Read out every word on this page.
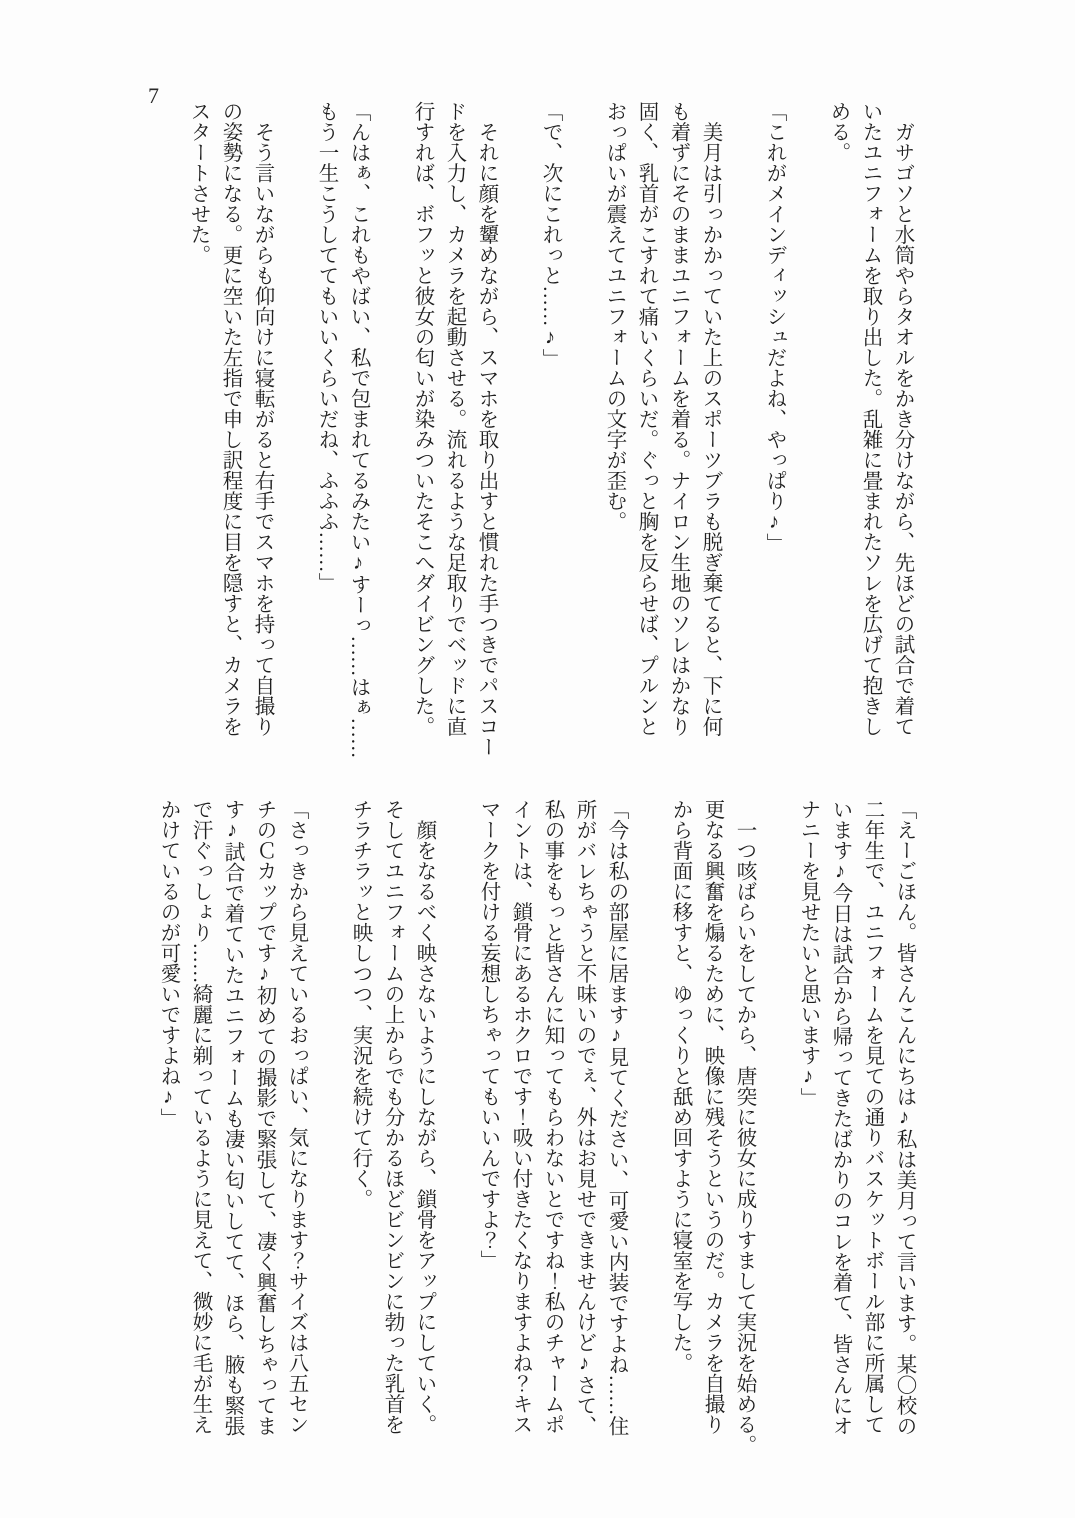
7
　ガサゴソと水筒やらタオルをかき分けながら、先ほどの試合で着て
いたユニフォームを取り出した。乱雑に畳まれたソレを広げて抱きし
める。

「これがメインディッシュだよね、やっぱり♪」

　美月は引っかかっていた上のスポーツブラも脱ぎ棄てると、下に何
も着ずにそのままユニフォームを着る。ナイロン生地のソレはかなり
固く、乳首がこすれて痛いくらいだ。ぐっと胸を反らせば、プルンと
おっぱいが震えてユニフォームの文字が歪む。

「で、次にこれっと……♪」

　それに顔を顰めながら、スマホを取り出すと慣れた手つきでパスコー
ドを入力し、カメラを起動させる。流れるような足取りでベッドに直
行すれば、ボフッと彼女の匂いが染みついたそこへダイビングした。

「んはぁ、これもやばい、私で包まれてるみたい♪すーっ……はぁ……
もう一生こうしててもいいくらいだね、ふふふ……」

　そう言いながらも仰向けに寝転がると右手でスマホを持って自撮り
の姿勢になる。更に空いた左指で申し訳程度に目を隠すと、カメラを
スタートさせた。
「えーごほん。皆さんこんにちは♪私は美月って言います。某〇校の
二年生で、ユニフォームを見ての通りバスケットボール部に所属して
います♪今日は試合から帰ってきたばかりのコレを着て、皆さんにオ
ナニーを見せたいと思います♪」

　一つ咳ばらいをしてから、唐突に彼女に成りすまして実況を始める。
更なる興奮を煽るために、映像に残そうというのだ。カメラを自撮り
から背面に移すと、ゆっくりと舐め回すように寝室を写した。

「今は私の部屋に居ます♪見てください、可愛い内装ですよね……住
所がバレちゃうと不味いのでぇ、外はお見せできませんけど♪さて、
私の事をもっと皆さんに知ってもらわないとですね！私のチャームポ
イントは、鎖骨にあるホクロです！吸い付きたくなりますよね？キス
マークを付ける妄想しちゃってもいいんですよ？」

　顔をなるべく映さないようにしながら、鎖骨をアップにしていく。
そしてユニフォームの上からでも分かるほどビンビンに勃った乳首を
チラチラッと映しつつ、実況を続けて行く。

「さっきから見えているおっぱい、気になります？サイズは八五セン
チのＣカップです♪初めての撮影で緊張して、凄く興奮しちゃってま
す♪試合で着ていたユニフォームも凄い匂いしてて、ほら、腋も緊張
で汗ぐっしょり……綺麗に剃っているように見えて、微妙に毛が生え
かけているのが可愛いですよね♪」
